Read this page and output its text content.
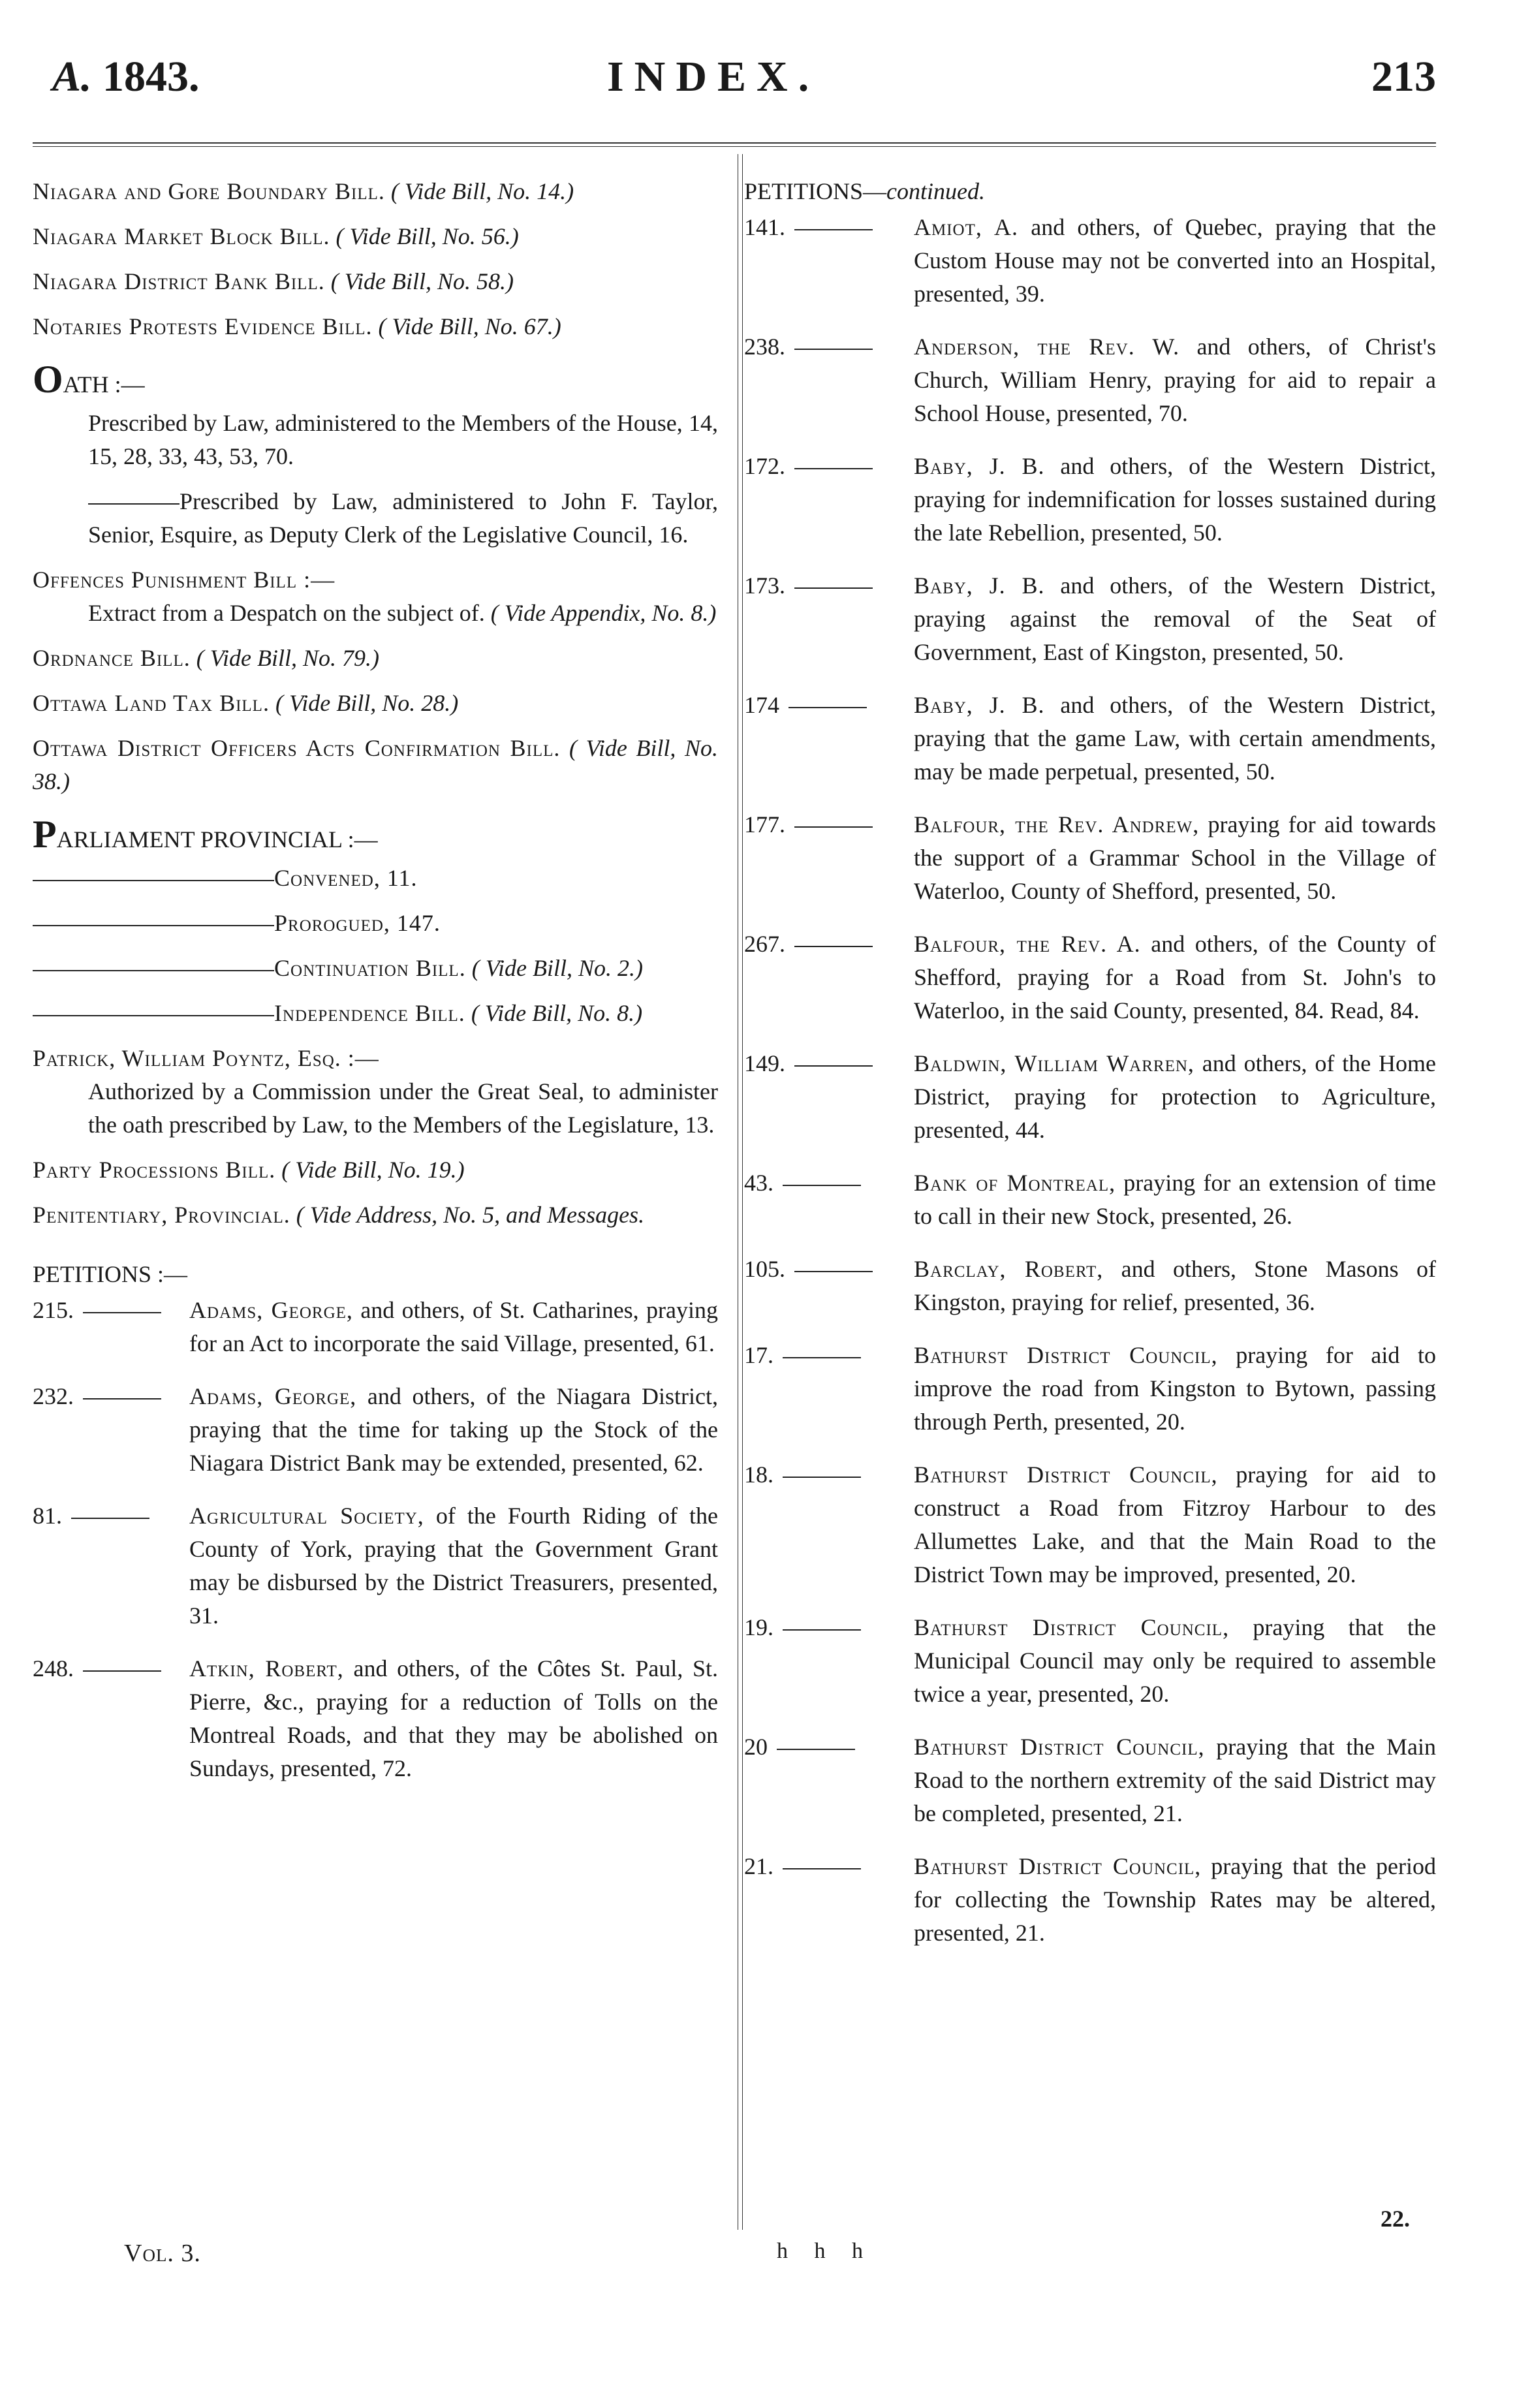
A. 1843.	INDEX.	213
Niagara and Gore Boundary Bill. ( Vide Bill, No. 14.)
Niagara Market Block Bill. ( Vide Bill, No. 56.)
Niagara District Bank Bill. ( Vide Bill, No. 58.)
Notaries Protests Evidence Bill. ( Vide Bill, No. 67.)
OATH :—
Prescribed by Law, administered to the Members of the House, 14, 15, 28, 33, 43, 53, 70.
Prescribed by Law, administered to John F. Taylor, Senior, Esquire, as Deputy Clerk of the Legislative Council, 16.
Offences Punishment Bill :—
Extract from a Despatch on the subject of. ( Vide Appendix, No. 8.)
Ordnance Bill. ( Vide Bill, No. 79.)
Ottawa Land Tax Bill. ( Vide Bill, No. 28.)
Ottawa District Officers Acts Confirmation Bill. ( Vide Bill, No. 38.)
PARLIAMENT PROVINCIAL :—
Convened, 11.
Prorogued, 147.
Continuation Bill. ( Vide Bill, No. 2.)
Independence Bill. ( Vide Bill, No. 8.)
Patrick, William Poyntz, Esq. :—
Authorized by a Commission under the Great Seal, to administer the oath prescribed by Law, to the Members of the Legislature, 13.
Party Processions Bill. ( Vide Bill, No. 19.)
Penitentiary, Provincial. ( Vide Address, No. 5, and Messages.
PETITIONS :—
215.	Adams, George, and others, of St. Catharines, praying for an Act to incorporate the said Village, presented, 61.
232.	Adams, George, and others, of the Niagara District, praying that the time for taking up the Stock of the Niagara District Bank may be extended, presented, 62.
81.	Agricultural Society, of the Fourth Riding of the County of York, praying that the Government Grant may be disbursed by the District Treasurers, presented, 31.
248.	Atkin, Robert, and others, of the Côtes St. Paul, St. Pierre, &c., praying for a reduction of Tolls on the Montreal Roads, and that they may be abolished on Sundays, presented, 72.
PETITIONS—continued.
141.	Amiot, A. and others, of Quebec, praying that the Custom House may not be converted into an Hospital, presented, 39.
238.	Anderson, the Rev. W. and others, of Christ's Church, William Henry, praying for aid to repair a School House, presented, 70.
172.	Baby, J. B. and others, of the Western District, praying for indemnification for losses sustained during the late Rebellion, presented, 50.
173.	Baby, J. B. and others, of the Western District, praying against the removal of the Seat of Government, East of Kingston, presented, 50.
174	Baby, J. B. and others, of the Western District, praying that the game Law, with certain amendments, may be made perpetual, presented, 50.
177.	Balfour, the Rev. Andrew, praying for aid towards the support of a Grammar School in the Village of Waterloo, County of Shefford, presented, 50.
267.	Balfour, the Rev. A. and others, of the County of Shefford, praying for a Road from St. John's to Waterloo, in the said County, presented, 84. Read, 84.
149.	Baldwin, William Warren, and others, of the Home District, praying for protection to Agriculture, presented, 44.
43.	Bank of Montreal, praying for an extension of time to call in their new Stock, presented, 26.
105.	Barclay, Robert, and others, Stone Masons of Kingston, praying for relief, presented, 36.
17.	Bathurst District Council, praying for aid to improve the road from Kingston to Bytown, passing through Perth, presented, 20.
18.	Bathurst District Council, praying for aid to construct a Road from Fitzroy Harbour to des Allumettes Lake, and that the Main Road to the District Town may be improved, presented, 20.
19.	Bathurst District Council, praying that the Municipal Council may only be required to assemble twice a year, presented, 20.
20	Bathurst District Council, praying that the Main Road to the northern extremity of the said District may be completed, presented, 21.
21.	Bathurst District Council, praying that the period for collecting the Township Rates may be altered, presented, 21.
Vol. 3.	h h h
22.
